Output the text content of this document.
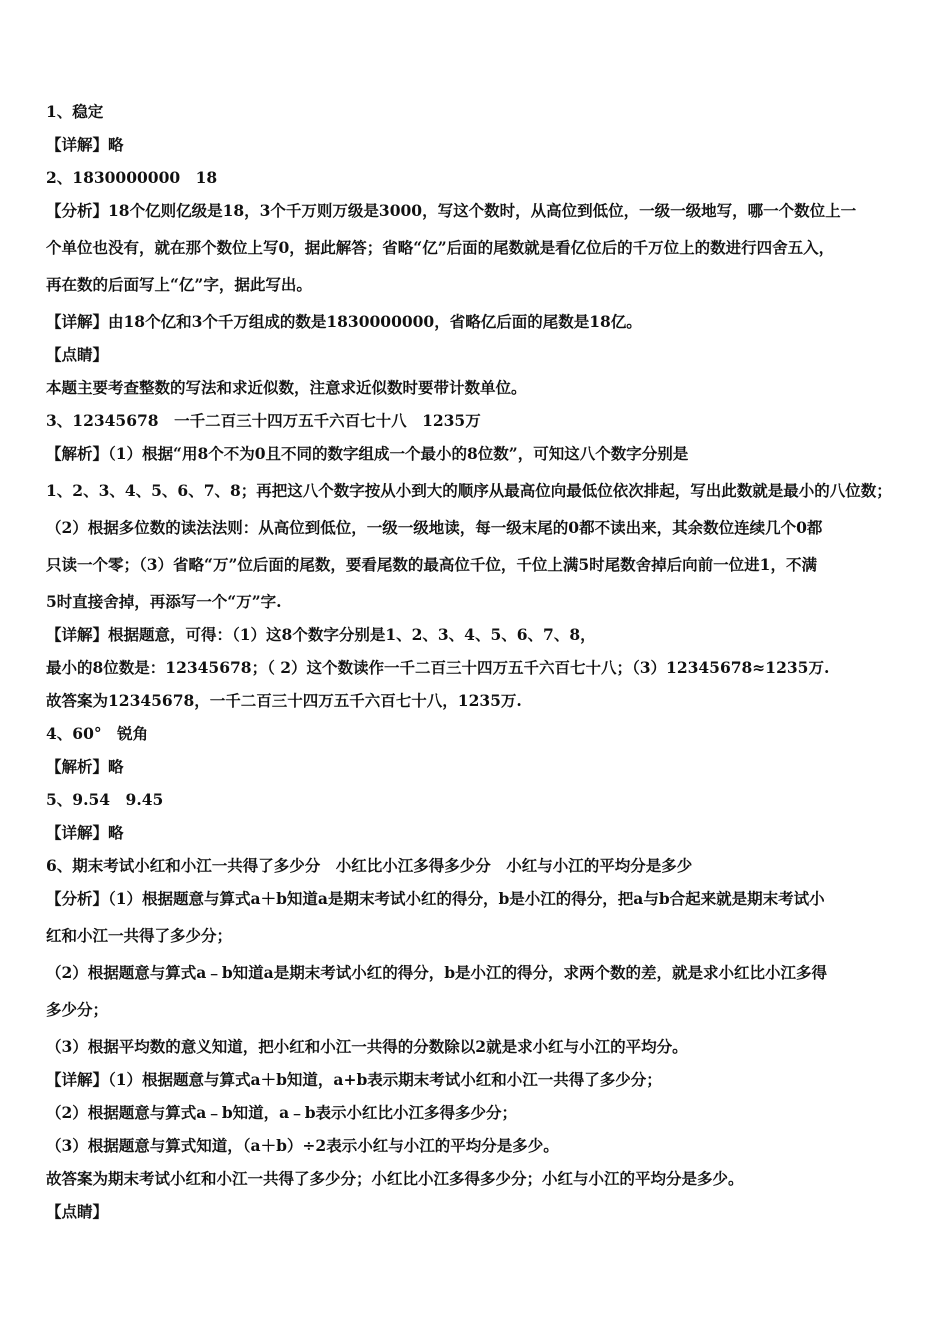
1、稳定
【详解】略
2、1830000000　18
【分析】18个亿则亿级是18，3个千万则万级是3000，写这个数时，从高位到低位，一级一级地写，哪一个数位上一
个单位也没有，就在那个数位上写0，据此解答；省略“亿”后面的尾数就是看亿位后的千万位上的数进行四舍五入，
再在数的后面写上“亿”字，据此写出。
【详解】由18个亿和3个千万组成的数是1830000000，省略亿后面的尾数是18亿。
【点睛】
本题主要考查整数的写法和求近似数，注意求近似数时要带计数单位。
3、12345678　一千二百三十四万五千六百七十八　1235万
【解析】（1）根据“用8个不为0且不同的数字组成一个最小的8位数”，可知这八个数字分别是
1、2、3、4、5、6、7、8；再把这八个数字按从小到大的顺序从最高位向最低位依次排起，写出此数就是最小的八位数；
（2）根据多位数的读法法则：从高位到低位，一级一级地读，每一级末尾的0都不读出来，其余数位连续几个0都
只读一个零；（3）省略“万”位后面的尾数，要看尾数的最高位千位，千位上满5时尾数舍掉后向前一位进1，不满
5时直接舍掉，再添写一个“万”字.
【详解】根据题意，可得：（1）这8个数字分别是1、2、3、4、5、6、7、8，
最小的8位数是：12345678；（ 2）这个数读作一千二百三十四万五千六百七十八；（3）12345678≈1235万.
故答案为12345678，一千二百三十四万五千六百七十八，1235万.
4、60°　锐角
【解析】略
5、9.54　9.45
【详解】略
6、期末考试小红和小江一共得了多少分　小红比小江多得多少分　小红与小江的平均分是多少
【分析】（1）根据题意与算式a＋b知道a是期末考试小红的得分，b是小江的得分，把a与b合起来就是期末考试小
红和小江一共得了多少分；
（2）根据题意与算式a﹣b知道a是期末考试小红的得分，b是小江的得分，求两个数的差，就是求小红比小江多得
多少分；
（3）根据平均数的意义知道，把小红和小江一共得的分数除以2就是求小红与小江的平均分。
【详解】（1）根据题意与算式a＋b知道，a+b表示期末考试小红和小江一共得了多少分；
（2）根据题意与算式a﹣b知道，a﹣b表示小红比小江多得多少分；
（3）根据题意与算式知道，（a＋b）÷2表示小红与小江的平均分是多少。
故答案为期末考试小红和小江一共得了多少分；小红比小江多得多少分；小红与小江的平均分是多少。
【点睛】
